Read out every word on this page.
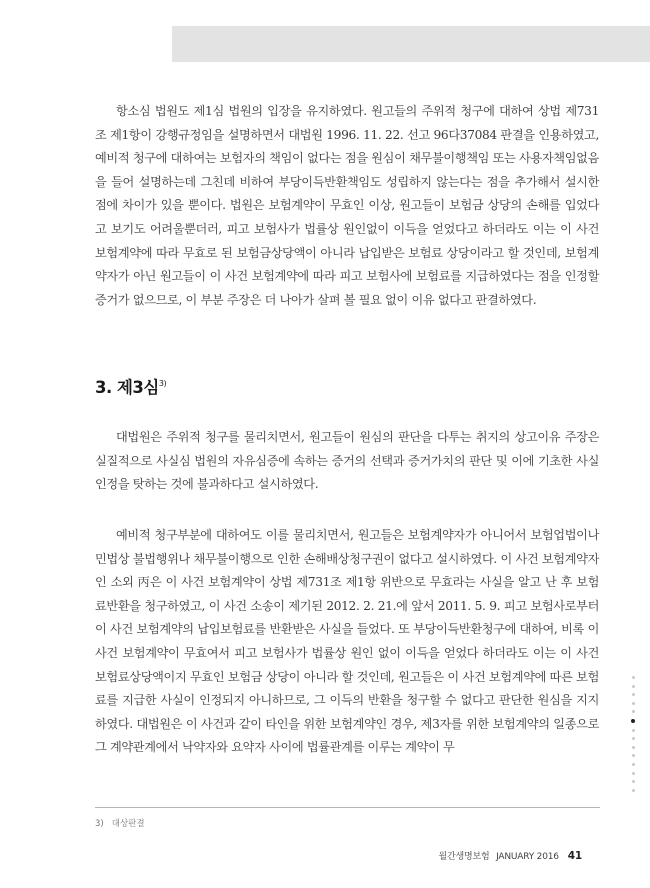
항소심 법원도 제1심 법원의 입장을 유지하였다. 원고들의 주위적 청구에 대하여 상법 제731조 제1항이 강행규정임을 설명하면서 대법원 1996. 11. 22. 선고 96다37084 판결을 인용하였고, 예비적 청구에 대하여는 보험자의 책임이 없다는 점을 원심이 채무불이행책임 또는 사용자책임없음을 들어 설명하는데 그친데 비하여 부당이득반환책임도 성립하지 않는다는 점을 추가해서 설시한 점에 차이가 있을 뿐이다. 법원은 보험계약이 무효인 이상, 원고들이 보험금 상당의 손해를 입었다고 보기도 어려울뿐더러, 피고 보험사가 법률상 원인없이 이득을 얻었다고 하더라도 이는 이 사건 보험계약에 따라 무효로 된 보험금상당액이 아니라 납입받은 보험료 상당이라고 할 것인데, 보험계약자가 아닌 원고들이 이 사건 보험계약에 따라 피고 보험사에 보험료를 지급하였다는 점을 인정할 증거가 없으므로, 이 부분 주장은 더 나아가 살펴 볼 필요 없이 이유 없다고 판결하였다.

3. 제3심$^{3)}$

대법원은 주위적 청구를 물리치면서, 원고들이 원심의 판단을 다투는 취지의 상고이유 주장은 실질적으로 사실심 법원의 자유심증에 속하는 증거의 선택과 증거가치의 판단 및 이에 기초한 사실인정을 탓하는 것에 불과하다고 설시하였다.

예비적 청구부분에 대하여도 이를 물리치면서, 원고들은 보험계약자가 아니어서 보험업법이나 민법상 불법행위나 채무불이행으로 인한 손해배상청구권이 없다고 설시하였다. 이 사건 보험계약자인 소외 丙은 이 사건 보험계약이 상법 제731조 제1항 위반으로 무효라는 사실을 알고 난 후 보험료반환을 청구하였고, 이 사건 소송이 제기된 2012. 2. 21.에 앞서 2011. 5. 9. 피고 보험사로부터 이 사건 보험계약의 납입보험료를 반환받은 사실을 들었다. 또 부당이득반환청구에 대하여, 비록 이 사건 보험계약이 무효여서 피고 보험사가 법률상 원인 없이 이득을 얻었다 하더라도 이는 이 사건 보험료상당액이지 무효인 보험금 상당이 아니라 할 것인데, 원고들은 이 사건 보험계약에 따른 보험료를 지급한 사실이 인정되지 아니하므로, 그 이득의 반환을 청구할 수 없다고 판단한 원심을 지지하였다. 대법원은 이 사건과 같이 타인을 위한 보험계약인 경우, 제3자를 위한 보험계약의 일종으로 그 계약관계에서 낙약자와 요약자 사이에 법률관계를 이루는 계약이 무

3) 대상판결

월간생명보험 JANUARY 2016 41
